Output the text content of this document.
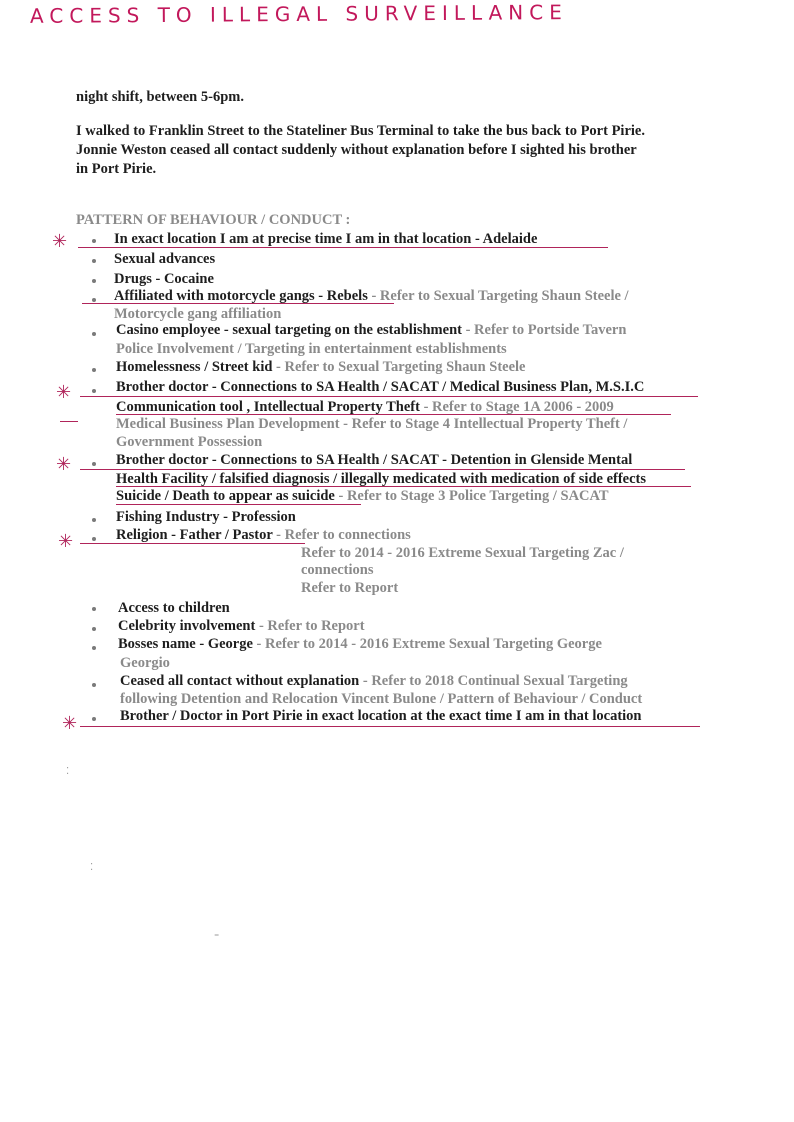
ACCESS TO ILLEGAL SURVEILLANCE
night shift, between 5-6pm.
I walked to Franklin Street to the Stateliner Bus Terminal to take the bus back to Port Pirie.
Jonnie Weston ceased all contact suddenly without explanation before I sighted his brother
in Port Pirie.
PATTERN OF BEHAVIOUR / CONDUCT :
In exact location I am at precise time I am in that location - Adelaide
Sexual advances
Drugs - Cocaine
Affiliated with motorcycle gangs - Rebels - Refer to Sexual Targeting Shaun Steele /
Motorcycle gang affiliation
Casino employee - sexual targeting on the establishment - Refer to Portside Tavern
Police Involvement / Targeting in entertainment establishments
Homelessness / Street kid - Refer to Sexual Targeting Shaun Steele
Brother doctor - Connections to SA Health / SACAT / Medical Business Plan, M.S.I.C
Communication tool , Intellectual Property Theft - Refer to Stage 1A 2006 - 2009
Medical Business Plan Development - Refer to Stage 4 Intellectual Property Theft /
Government Possession
Brother doctor - Connections to SA Health / SACAT - Detention in Glenside Mental
Health Facility / falsified diagnosis / illegally medicated with medication of side effects
Suicide / Death to appear as suicide - Refer to Stage 3 Police Targeting / SACAT
Fishing Industry - Profession
Religion - Father / Pastor - Refer to connections
Refer to 2014 - 2016 Extreme Sexual Targeting Zac /
connections
Refer to Report
Access to children
Celebrity involvement - Refer to Report
Bosses name - George - Refer to 2014 - 2016 Extreme Sexual Targeting George
Georgio
Ceased all contact without explanation - Refer to 2018 Continual Sexual Targeting
following Detention and Relocation Vincent Bulone / Pattern of Behaviour / Conduct
Brother / Doctor in Port Pirie in exact location at the exact time I am in that location
✳
✳
✳
✳
✳
⁚
⁚
⁼
